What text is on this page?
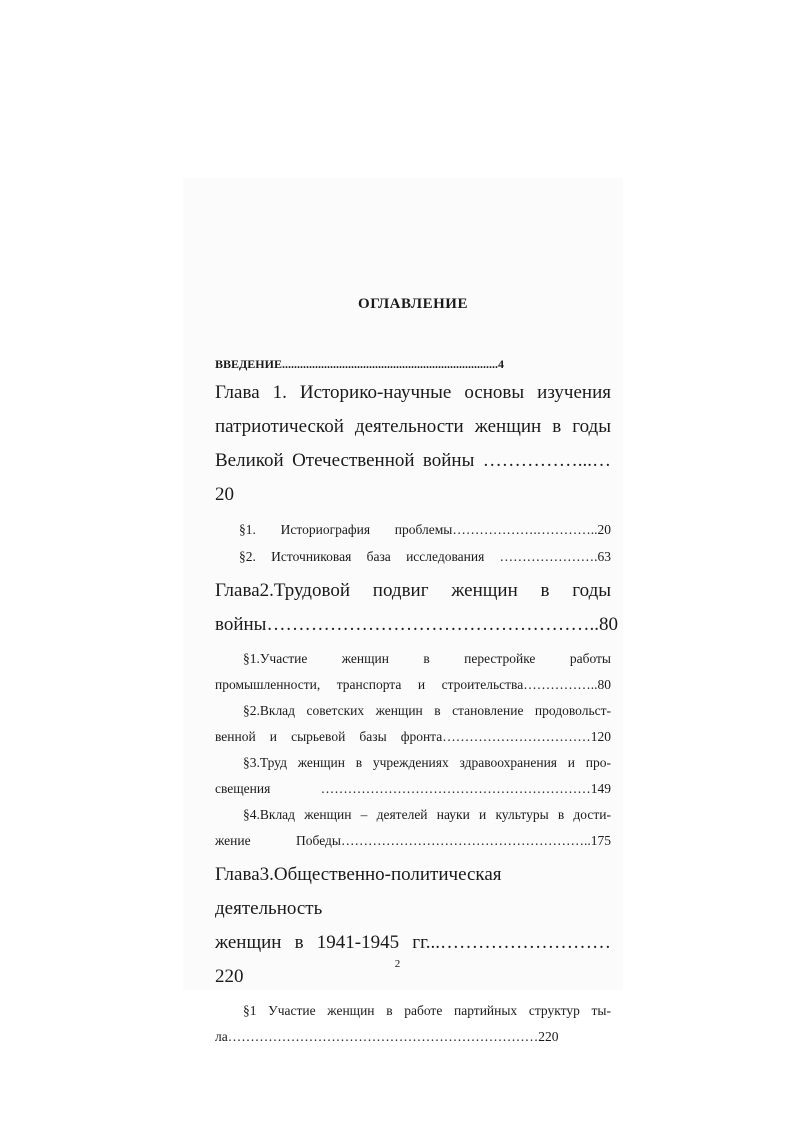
ОГЛАВЛЕНИЕ

ВВЕДЕНИЕ........................................................................4

Глава 1. Историко-научные основы изучения

патриотической деятельности женщин в годы

Великой Отечественной войны ……………...…20

§1. Историография проблемы……………….…………..20

§2. Источниковая база исследования ………………….63

Глава2.Трудовой подвиг женщин в годы

войны……………………………………………..80

§1.Участие женщин в перестройке работы

промышленности, транспорта и строительства……………..80

§2.Вклад советских женщин в становление продовольст-

венной и сырьевой базы фронта……………………………120

§3.Труд женщин в учреждениях здравоохранения и про-

свещения ……………………………………………………149

§4.Вклад женщин – деятелей науки и культуры в дости-

жение Победы………………………………………………..175

Глава3.Общественно-политическая деятельность

женщин в 1941-1945 гг...………………………220

§1 Участие женщин в работе партийных структур ты-

ла……………………………………………………………220

2
